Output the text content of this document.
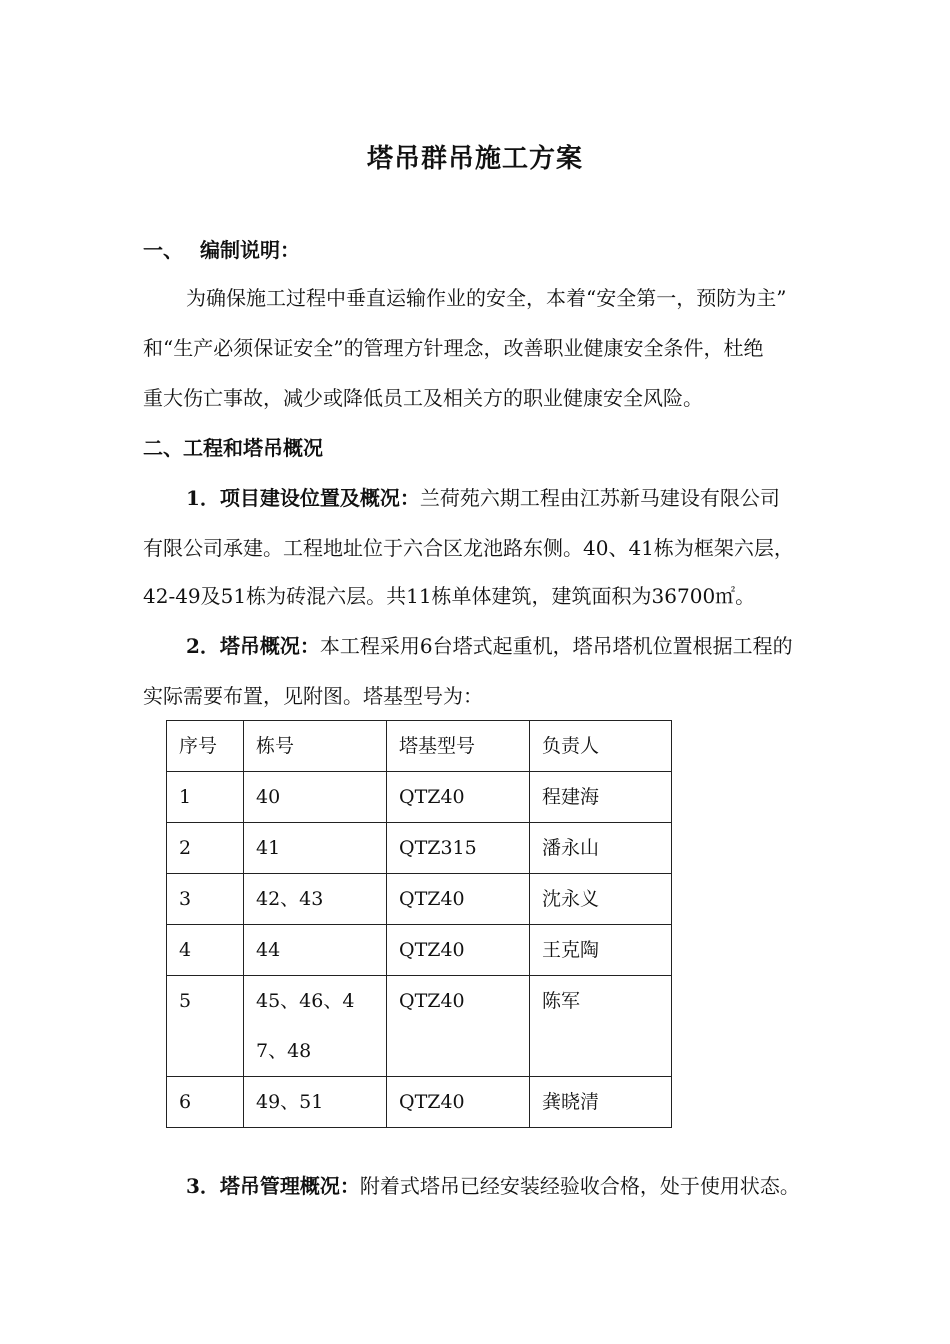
塔吊群吊施工方案
一、 编制说明：
为确保施工过程中垂直运输作业的安全，本着“安全第一，预防为主”
和“生产必须保证安全”的管理方针理念，改善职业健康安全条件，杜绝
重大伤亡事故，减少或降低员工及相关方的职业健康安全风险。
二、工程和塔吊概况
1．项目建设位置及概况：兰荷苑六期工程由江苏新马建设有限公司
有限公司承建。工程地址位于六合区龙池路东侧。40、41栋为框架六层，
42-49及51栋为砖混六层。共11栋单体建筑，建筑面积为36700㎡。
2．塔吊概况：本工程采用6台塔式起重机，塔吊塔机位置根据工程的
实际需要布置，见附图。塔基型号为：
序号	栋号	塔基型号	负责人
1	40	QTZ40	程建海
2	41	QTZ315	潘永山
3	42、43	QTZ40	沈永义
4	44	QTZ40	王克陶
5	45、46、47、48	QTZ40	陈军
6	49、51	QTZ40	龚晓清
3．塔吊管理概况：附着式塔吊已经安装经验收合格，处于使用状态。
